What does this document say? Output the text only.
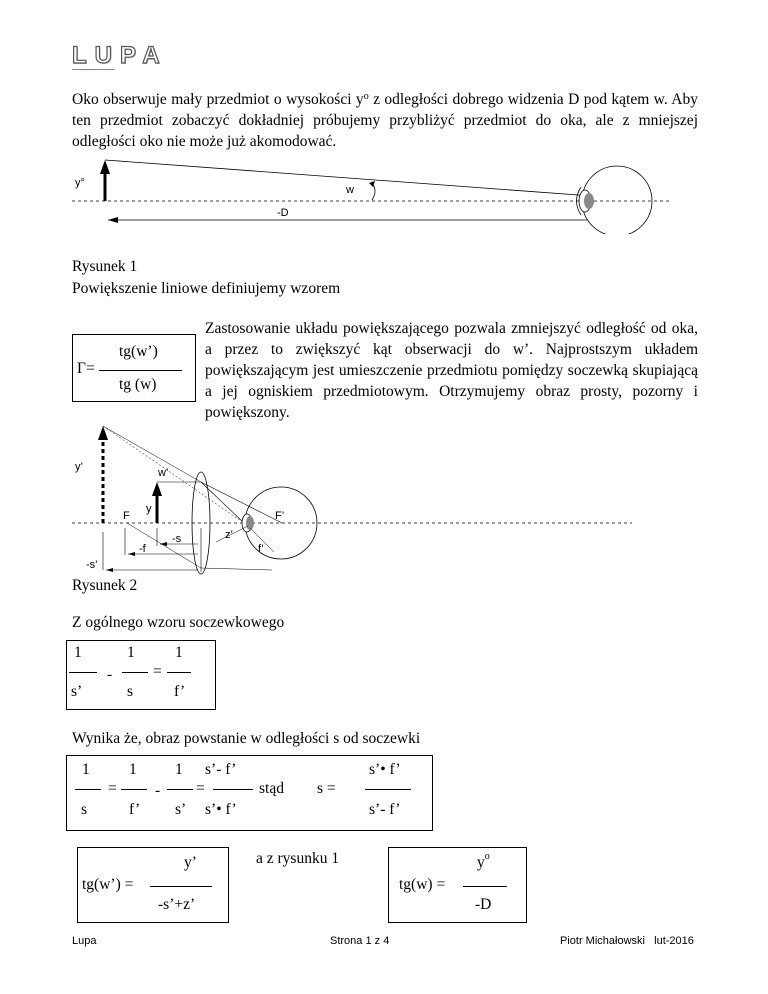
LUPA
˜˜˜˜˜˜˜˜˜˜˜˜˜˜˜˜˜˜˜˜˜˜˜˜˜
Oko obserwuje mały przedmiot o wysokości $y^o$ z odległości dobrego widzenia D pod kątem w. Aby ten przedmiot zobaczyć dokładniej próbujemy przybliżyć przedmiot do oka, ale z mniejszej odległości oko nie może już akomodować.
y°
w
-D
Rysunek 1
Powiększenie liniowe definiujemy wzorem
tg(w’)
Γ=
tg (w)
Zastosowanie układu powiększającego pozwala zmniejszyć odległość od oka, a przez to zwiększyć kąt obserwacji do w’. Najprostszym układem powiększającym jest umieszczenie przedmiotu pomiędzy soczewką skupiającą a jej ogniskiem przedmiotowym. Otrzymujemy obraz prosty, pozorny i powiększony.
y’	w’
y
F	F’
-s
-f
-s’
z’
f’
Rysunek 2
Z ogólnego wzoru soczewkowego
1	1	1
-	=
s’	s	f’
Wynika że, obraz powstanie w odległości s od soczewki
1	1 1 s’- f’	s’• f’
= - =	stąd s =
s	f’ s’ s’• f’	s’- f’
y’
tg(w’) =
-s’+z’
a z rysunku 1	$y^o$
tg(w) =
-D
Lupa	Strona 1 z 4	Piotr Michałowski   lut-2016
